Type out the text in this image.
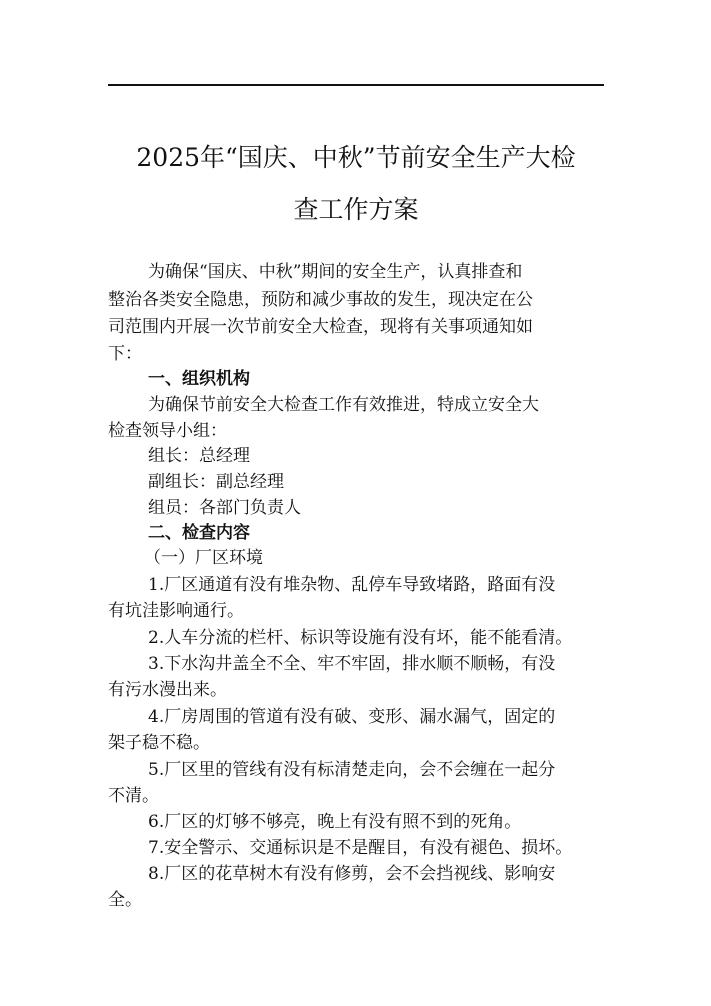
2025年“国庆、中秋”节前安全生产大检
查工作方案

为确保“国庆、中秋”期间的安全生产，认真排查和

整治各类安全隐患，预防和减少事故的发生，现决定在公

司范围内开展一次节前安全大检查，现将有关事项通知如

下：

一、组织机构

为确保节前安全大检查工作有效推进，特成立安全大

检查领导小组：

组长：总经理

副组长：副总经理

组员：各部门负责人

二、检查内容

（一）厂区环境

1.厂区通道有没有堆杂物、乱停车导致堵路，路面有没

有坑洼影响通行。

2.人车分流的栏杆、标识等设施有没有坏，能不能看清。

3.下水沟井盖全不全、牢不牢固，排水顺不顺畅，有没

有污水漫出来。

4.厂房周围的管道有没有破、变形、漏水漏气，固定的

架子稳不稳。

5.厂区里的管线有没有标清楚走向，会不会缠在一起分

不清。

6.厂区的灯够不够亮，晚上有没有照不到的死角。

7.安全警示、交通标识是不是醒目，有没有褪色、损坏。

8.厂区的花草树木有没有修剪，会不会挡视线、影响安

全。
